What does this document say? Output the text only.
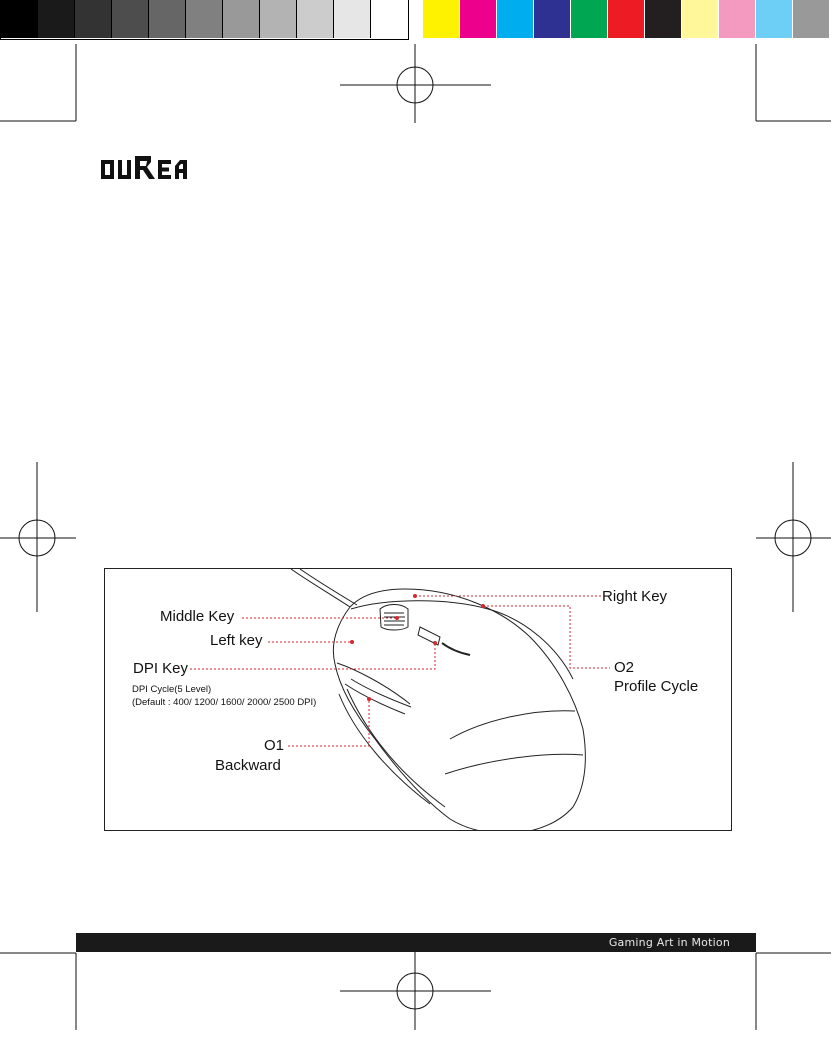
Middle Key
Left key
DPI Key
DPI Cycle(5 Level)
(Default : 400/ 1200/ 1600/ 2000/ 2500 DPI)
O1
Backward
Right Key
O2
Profile Cycle
Gaming Art in Motion
